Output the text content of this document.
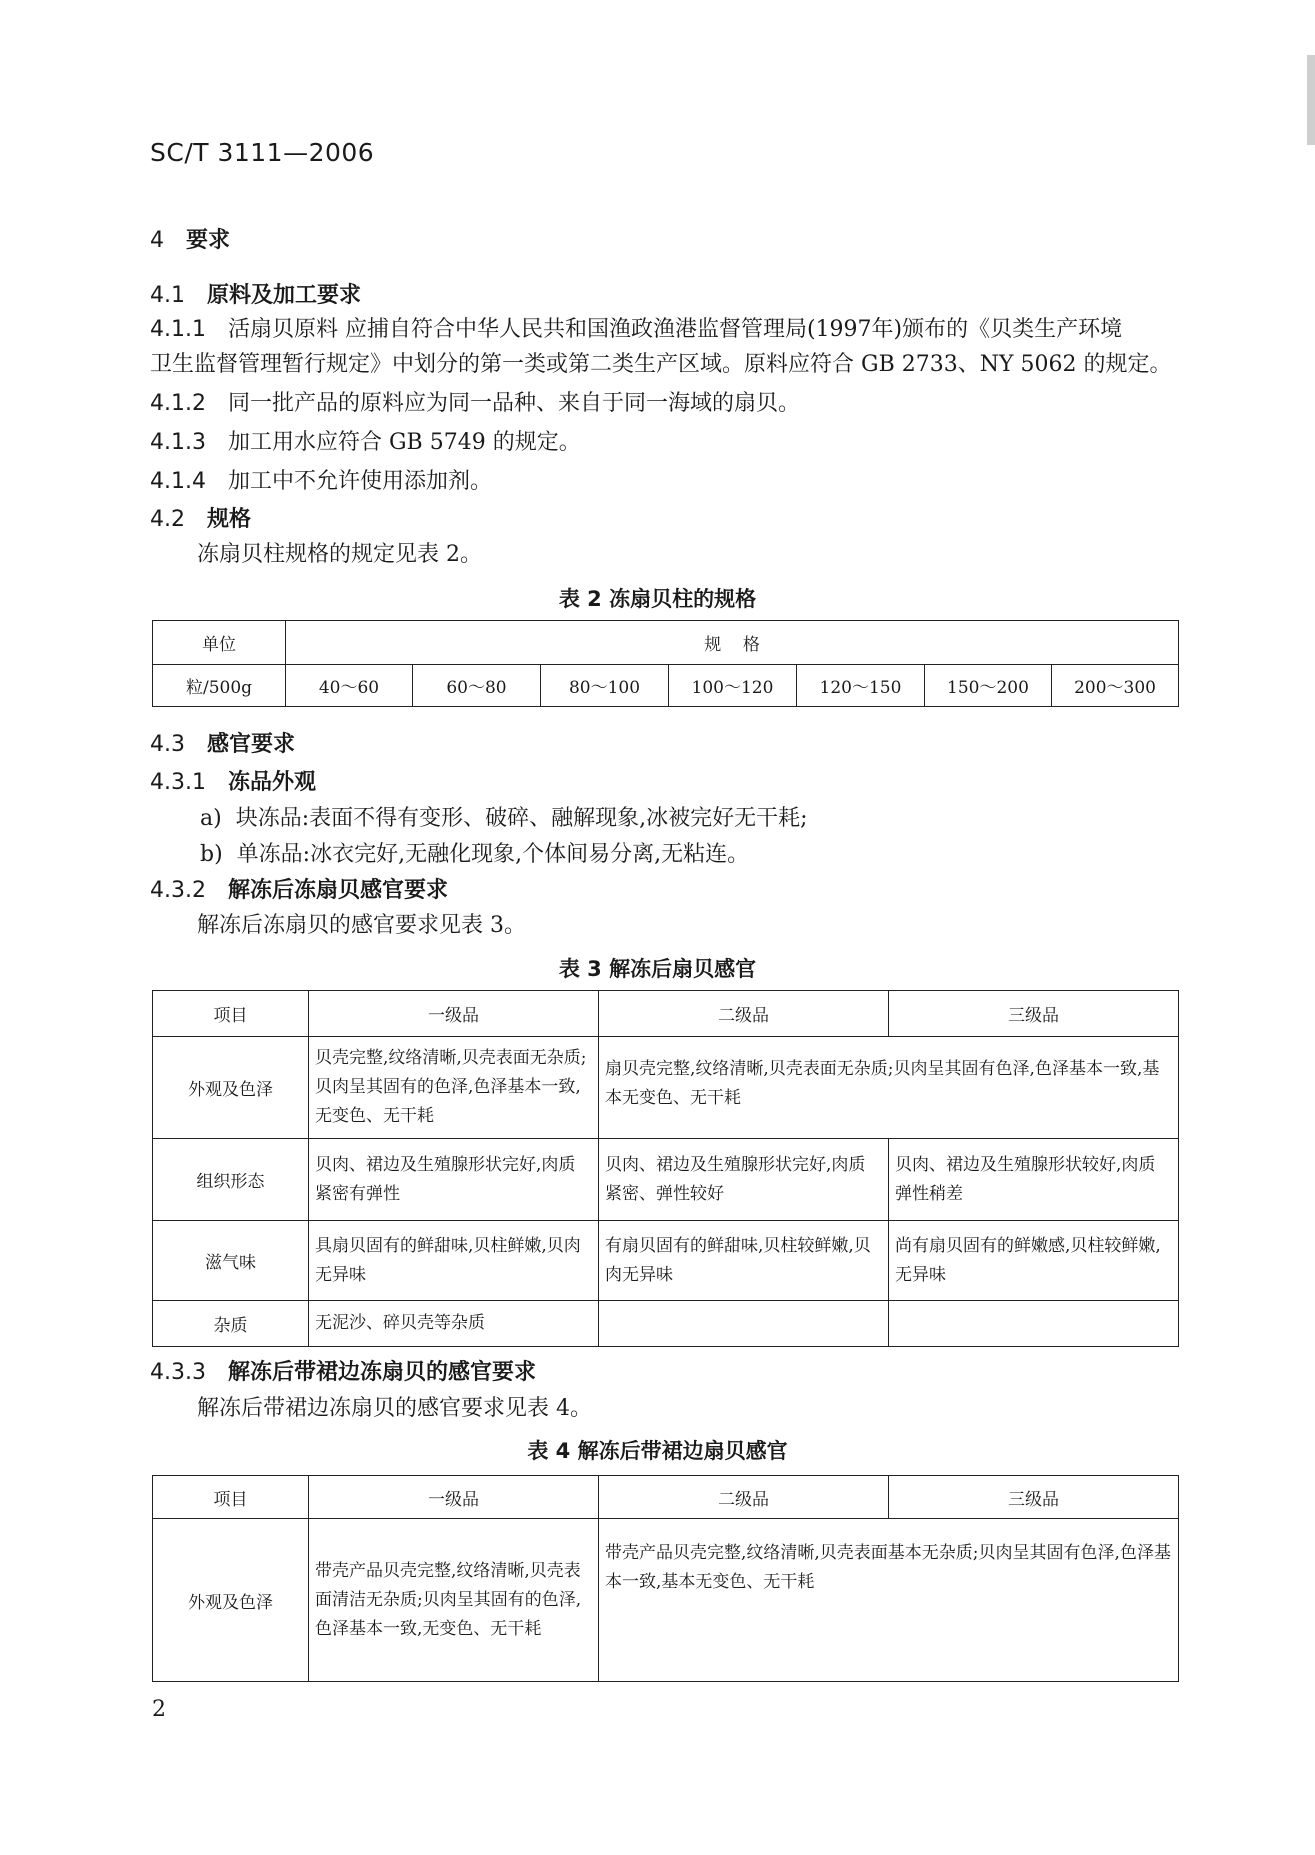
SC/T 3111—2006
4 要求
4.1 原料及加工要求
4.1.1 活扇贝原料 应捕自符合中华人民共和国渔政渔港监督管理局(1997年)颁布的《贝类生产环境
卫生监督管理暂行规定》中划分的第一类或第二类生产区域。原料应符合 GB 2733、NY 5062 的规定。
4.1.2 同一批产品的原料应为同一品种、来自于同一海域的扇贝。
4.1.3 加工用水应符合 GB 5749 的规定。
4.1.4 加工中不允许使用添加剂。
4.2 规格
冻扇贝柱规格的规定见表 2。
表 2 冻扇贝柱的规格
单位	规    格						
粒/500g	40～60	60～80	80～100	100～120	120～150	150～200	200～300
4.3 感官要求
4.3.1 冻品外观
a) 块冻品:表面不得有变形、破碎、融解现象,冰被完好无干耗;
b) 单冻品:冰衣完好,无融化现象,个体间易分离,无粘连。
4.3.2 解冻后冻扇贝感官要求
解冻后冻扇贝的感官要求见表 3。
表 3 解冻后扇贝感官
项目	一级品	二级品	三级品
外观及色泽	贝壳完整,纹络清晰,贝壳表面无杂质;贝肉呈其固有的色泽,色泽基本一致,无变色、无干耗	扇贝壳完整,纹络清晰,贝壳表面无杂质;贝肉呈其固有色泽,色泽基本一致,基本无变色、无干耗	
组织形态	贝肉、裙边及生殖腺形状完好,肉质紧密有弹性	贝肉、裙边及生殖腺形状完好,肉质紧密、弹性较好	贝肉、裙边及生殖腺形状较好,肉质弹性稍差
滋气味	具扇贝固有的鲜甜味,贝柱鲜嫩,贝肉无异味	有扇贝固有的鲜甜味,贝柱较鲜嫩,贝肉无异味	尚有扇贝固有的鲜嫩感,贝柱较鲜嫩,无异味
杂质	无泥沙、碎贝壳等杂质		
4.3.3 解冻后带裙边冻扇贝的感官要求
解冻后带裙边冻扇贝的感官要求见表 4。
表 4 解冻后带裙边扇贝感官
项目	一级品	二级品	三级品
外观及色泽	带壳产品贝壳完整,纹络清晰,贝壳表面清洁无杂质;贝肉呈其固有的色泽,色泽基本一致,无变色、无干耗	带壳产品贝壳完整,纹络清晰,贝壳表面基本无杂质;贝肉呈其固有色泽,色泽基本一致,基本无变色、无干耗	
2
